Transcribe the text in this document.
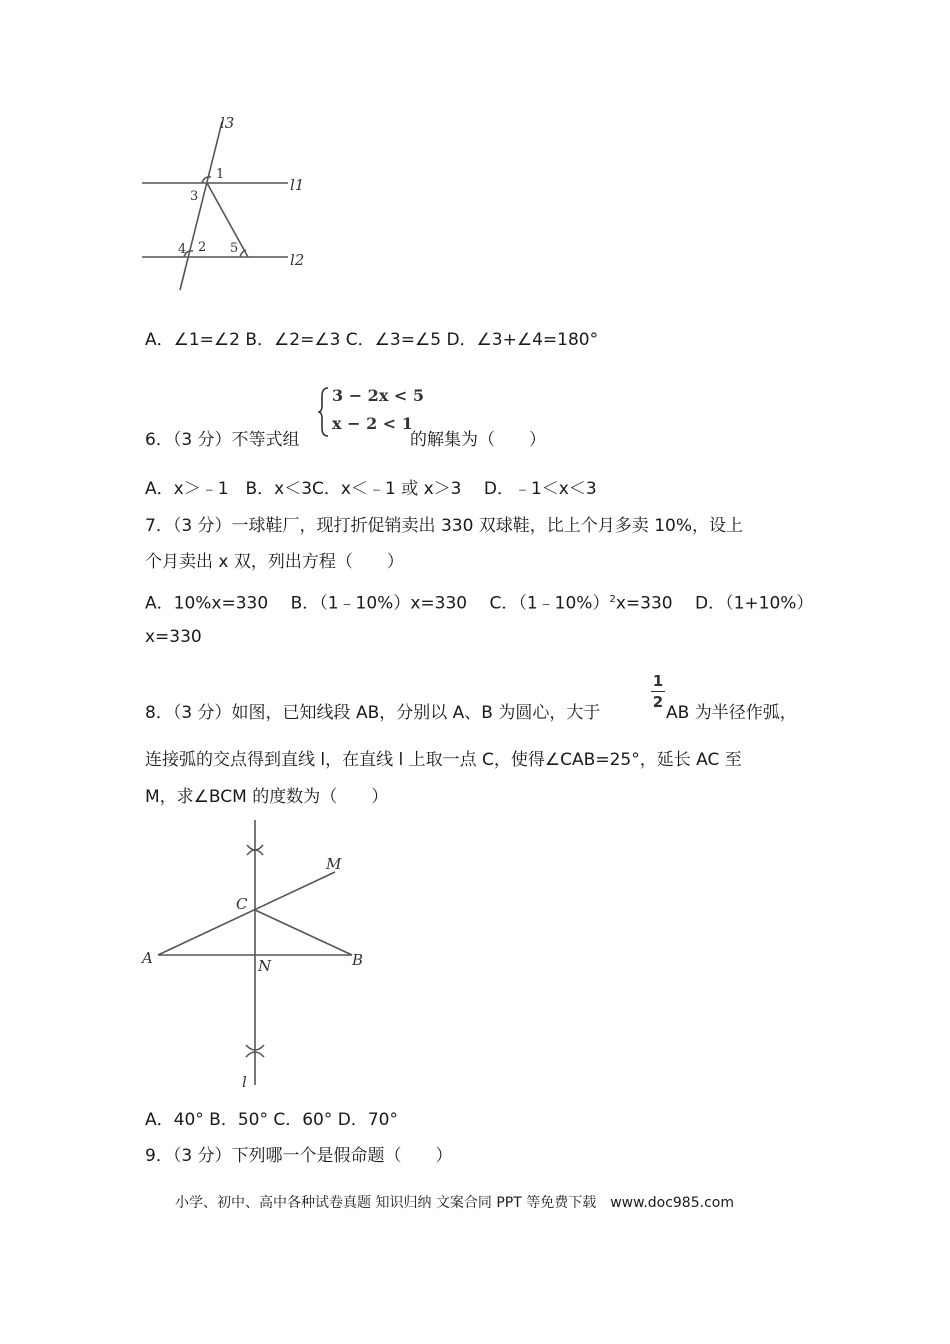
l3
l1
l2
1
3
4 2 5
A．∠1=∠2 B．∠2=∠3 C．∠3=∠5 D．∠3+∠4=180°
3 − 2x < 5
x − 2 < 1
6．（3 分）不等式组	的解集为（　　）
A．x＞﹣1　B．x＜3C．x＜﹣1 或 x＞3　 D．﹣1＜x＜3
7．（3 分）一球鞋厂，现打折促销卖出 330 双球鞋，比上个月多卖 10%，设上
个月卖出 x 双，列出方程（　　）
A．10%x=330　 B．（1﹣10%）x=330　 C．（1﹣10%）$^2$x=330　 D．（1+10%）
x=330
1
2
8．（3 分）如图，已知线段 AB，分别以 A、B 为圆心，大于	AB 为半径作弧，
连接弧的交点得到直线 l，在直线 l 上取一点 C，使得∠CAB=25°，延长 AC 至
M，求∠BCM 的度数为（　　）
M
C
A	N	B
l
A．40° B．50° C．60° D．70°
9．（3 分）下列哪一个是假命题（　　）
小学、初中、高中各种试卷真题 知识归纳 文案合同 PPT 等免费下载　www.doc985.com
